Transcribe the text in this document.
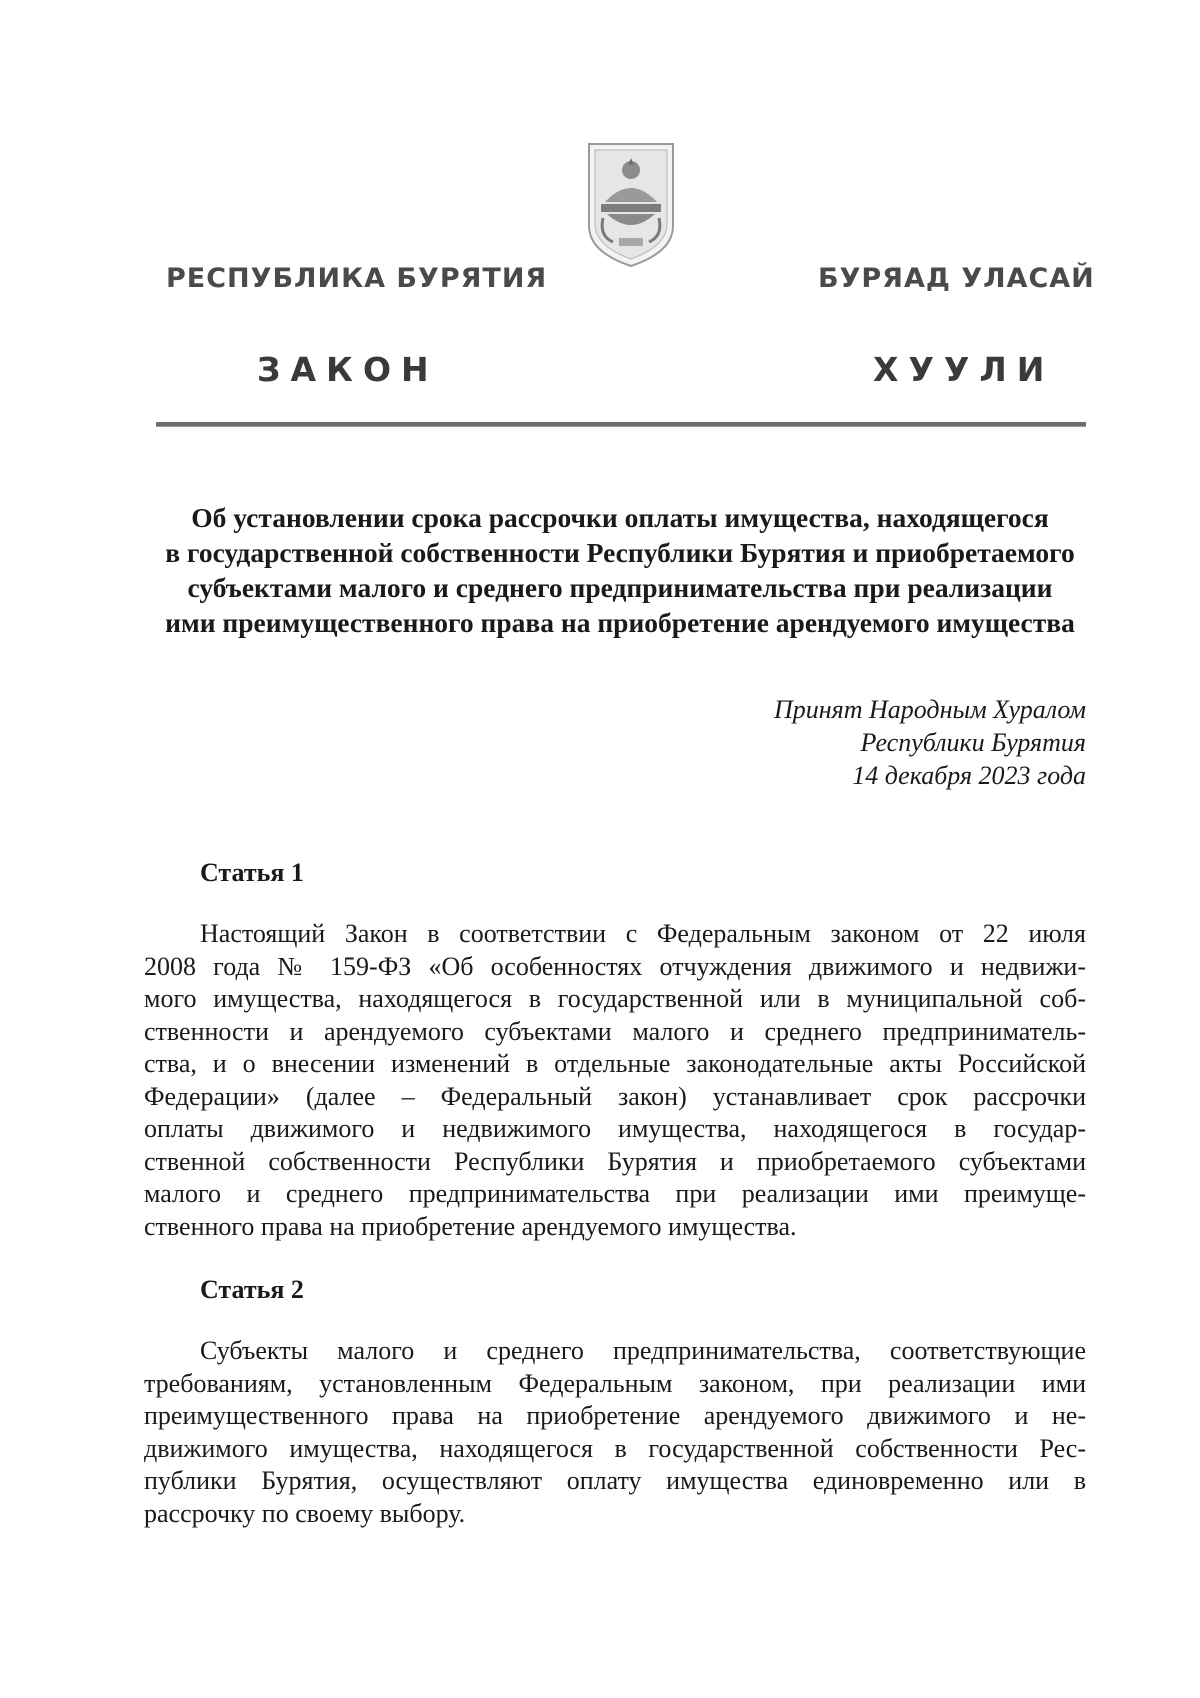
РЕСПУБЛИКА БУРЯТИЯ	БУРЯАД УЛАСАЙ
ЗАКОН	ХУУЛИ
Об установлении срока рассрочки оплаты имущества, находящегося
в государственной собственности Республики Бурятия и приобретаемого
субъектами малого и среднего предпринимательства при реализации
ими преимущественного права на приобретение арендуемого имущества
Принят Народным Хуралом
Республики Бурятия
14 декабря 2023 года
Статья 1
Настоящий Закон в соответствии с Федеральным законом от 22 июля
2008 года № 159-ФЗ «Об особенностях отчуждения движимого и недвижи-
мого имущества, находящегося в государственной или в муниципальной соб-
ственности и арендуемого субъектами малого и среднего предприниматель-
ства, и о внесении изменений в отдельные законодательные акты Российской
Федерации» (далее – Федеральный закон) устанавливает срок рассрочки
оплаты движимого и недвижимого имущества, находящегося в государ-
ственной собственности Республики Бурятия и приобретаемого субъектами
малого и среднего предпринимательства при реализации ими преимуще-
ственного права на приобретение арендуемого имущества.
Статья 2
Субъекты малого и среднего предпринимательства, соответствующие
требованиям, установленным Федеральным законом, при реализации ими
преимущественного права на приобретение арендуемого движимого и не-
движимого имущества, находящегося в государственной собственности Рес-
публики Бурятия, осуществляют оплату имущества единовременно или в
рассрочку по своему выбору.
